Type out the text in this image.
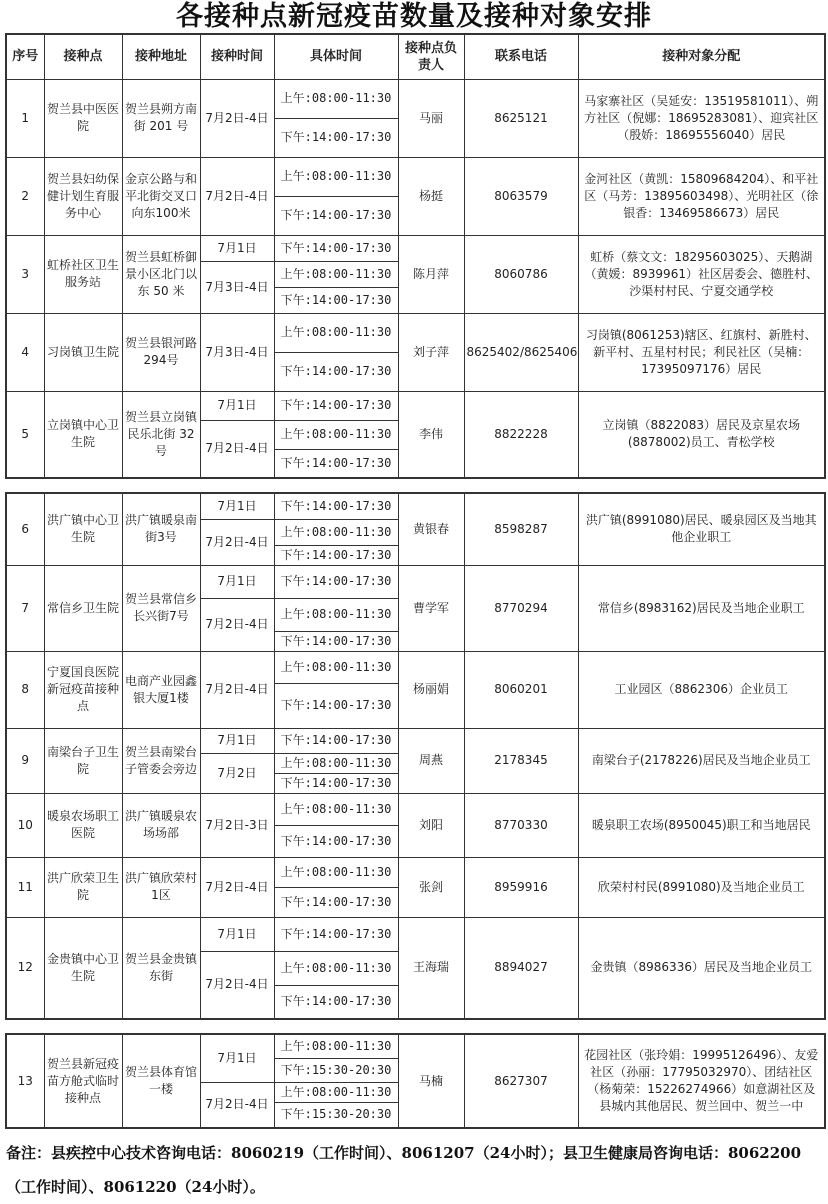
各接种点新冠疫苗数量及接种对象安排
序号	接种点	接种地址	接种时间	具体时间	接种点负责人	联系电话	接种对象分配
1	贺兰县中医医院	贺兰县朔方南街 201 号	7月2日-4日	上午:08:00-11:30	马丽	8625121	马家寨社区（吴延安：13519581011）、朔方社区（倪娜：18695283081）、迎宾社区（殷娇：18695556040）居民
				下午:14:00-17:30			
2	贺兰县妇幼保健计划生育服务中心	金京公路与和平北街交叉口向东100米	7月2日-4日	上午:08:00-11:30	杨挺	8063579	金河社区（黄凯：15809684204）、和平社区（马芳：13895603498）、光明社区（徐银香：13469586673）居民
				下午:14:00-17:30			
3	虹桥社区卫生服务站	贺兰县虹桥御景小区北门以东 50 米	7月1日	下午:14:00-17:30	陈月萍	8060786	虹桥（蔡文文：18295603025）、天鹅湖（黄媛：8939961）社区居委会、德胜村、沙渠村村民、宁夏交通学校
			7月3日-4日	上午:08:00-11:30			
				下午:14:00-17:30			
4	习岗镇卫生院	贺兰县银河路294号	7月3日-4日	上午:08:00-11:30	刘子萍	8625402/8625406	习岗镇(8061253)辖区、红旗村、新胜村、新平村、五星村村民；利民社区（吴楠：17395097176）居民
				下午:14:00-17:30			
5	立岗镇中心卫生院	贺兰县立岗镇民乐北街 32 号	7月1日	下午:14:00-17:30	李伟	8822228	立岗镇（8822083）居民及京星农场(8878002)员工、青松学校
			7月2日-4日	上午:08:00-11:30			
				下午:14:00-17:30			
6	洪广镇中心卫生院	洪广镇暖泉南街3号	7月1日	下午:14:00-17:30	黄银春	8598287	洪广镇(8991080)居民、暖泉园区及当地其他企业职工
			7月2日-4日	上午:08:00-11:30			
				下午:14:00-17:30			
7	常信乡卫生院	贺兰县常信乡长兴街7号	7月1日	下午:14:00-17:30	曹学军	8770294	常信乡(8983162)居民及当地企业职工
			7月2日-4日	上午:08:00-11:30			
				下午:14:00-17:30			
8	宁夏国良医院新冠疫苗接种点	电商产业园鑫银大厦1楼	7月2日-4日	上午:08:00-11:30	杨丽娟	8060201	工业园区（8862306）企业员工
				下午:14:00-17:30			
9	南梁台子卫生院	贺兰县南梁台子管委会旁边	7月1日	下午:14:00-17:30	周燕	2178345	南梁台子(2178226)居民及当地企业员工
			7月2日	上午:08:00-11:30			
				下午:14:00-17:30			
10	暖泉农场职工医院	洪广镇暖泉农场场部	7月2日-3日	上午:08:00-11:30	刘阳	8770330	暖泉职工农场(8950045)职工和当地居民
				下午:14:00-17:30			
11	洪广欣荣卫生院	洪广镇欣荣村1区	7月2日-4日	上午:08:00-11:30	张剑	8959916	欣荣村村民(8991080)及当地企业员工
				下午:14:00-17:30			
12	金贵镇中心卫生院	贺兰县金贵镇东街	7月1日	下午:14:00-17:30	王海瑞	8894027	金贵镇（8986336）居民及当地企业员工
			7月2日-4日	上午:08:00-11:30			
				下午:14:00-17:30			
13	贺兰县新冠疫苗方舱式临时接种点	贺兰县体育馆一楼	7月1日	上午:08:00-11:30	马楠	8627307	花园社区（张玲娟：19995126496）、友爱社区（孙丽：17795032970）、团结社区（杨菊荣：15226274966）如意湖社区及县城内其他居民、贺兰回中、贺兰一中
				下午:15:30-20:30			
			7月2日-4日	上午:08:00-11:30			
				下午:15:30-20:30			
备注：县疾控中心技术咨询电话：8060219（工作时间）、8061207（24小时）；县卫生健康局咨询电话：8062200（工作时间）、8061220（24小时）。
